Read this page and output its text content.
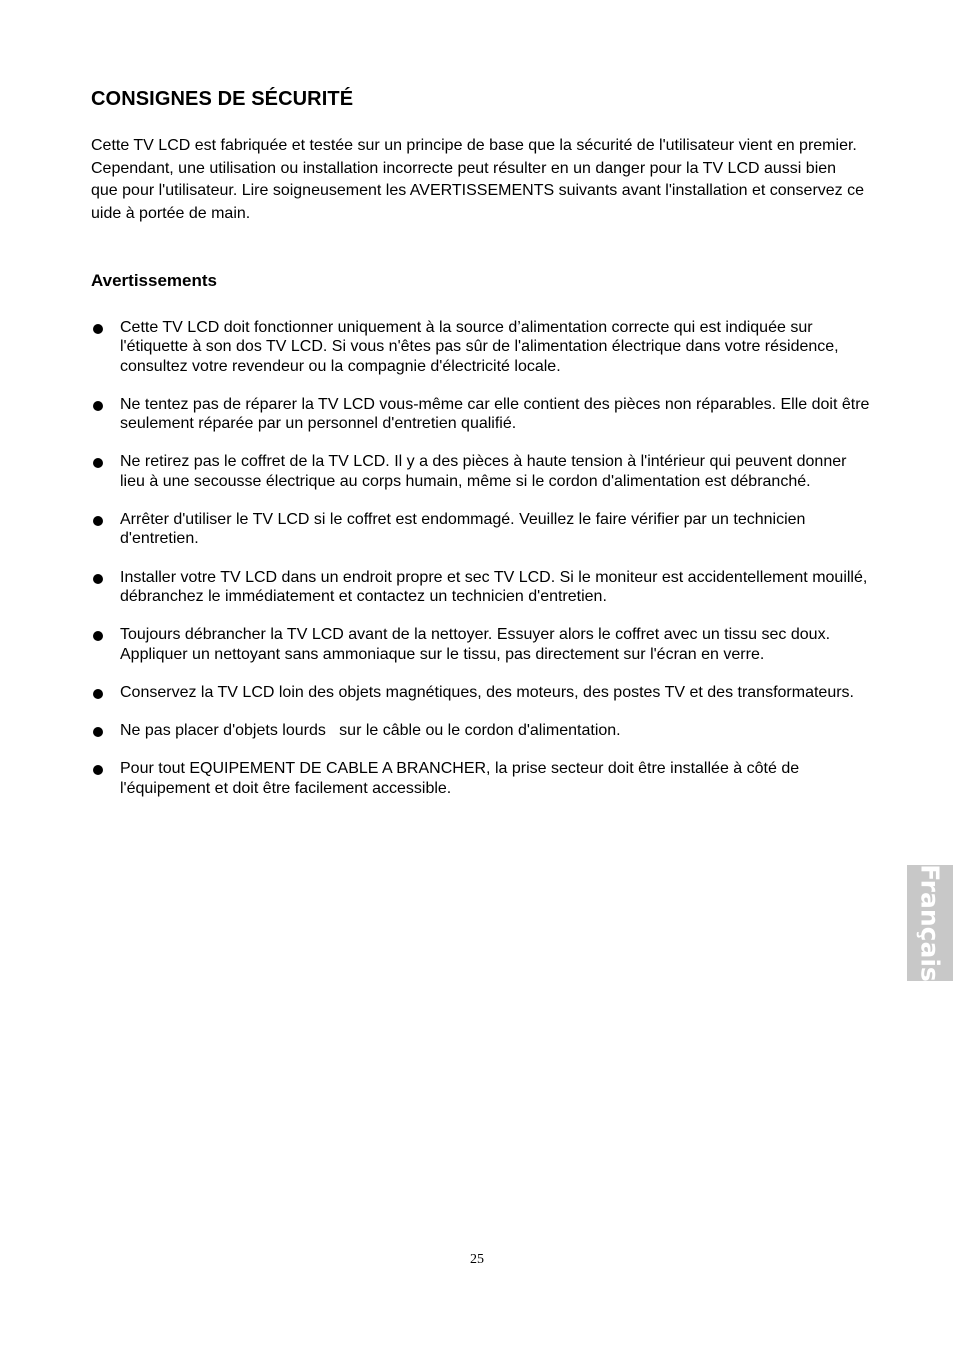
CONSIGNES DE SÉCURITÉ

Cette TV LCD est fabriquée et testée sur un principe de base que la sécurité de l'utilisateur vient en premier. Cependant, une utilisation ou installation incorrecte peut résulter en un danger pour la TV LCD aussi bien que pour l'utilisateur. Lire soigneusement les AVERTISSEMENTS suivants avant l'installation et conservez ce uide à portée de main.

Avertissements
Cette TV LCD doit fonctionner uniquement à la source d’alimentation correcte qui est indiquée sur l'étiquette à son dos TV LCD. Si vous n'êtes pas sûr de l'alimentation électrique dans votre résidence, consultez votre revendeur ou la compagnie d'électricité locale.
Ne tentez pas de réparer la TV LCD vous-même car elle contient des pièces non réparables. Elle doit être seulement réparée par un personnel d'entretien qualifié.
Ne retirez pas le coffret de la TV LCD. Il y a des pièces à haute tension à l'intérieur qui peuvent donner lieu à une secousse électrique au corps humain, même si le cordon d'alimentation est débranché.
Arrêter d'utiliser le TV LCD si le coffret est endommagé. Veuillez le faire vérifier par un technicien d'entretien.
Installer votre TV LCD dans un endroit propre et sec TV LCD. Si le moniteur est accidentellement mouillé, débranchez le immédiatement et contactez un technicien d'entretien.
Toujours débrancher la TV LCD avant de la nettoyer. Essuyer alors le coffret avec un tissu sec doux. Appliquer un nettoyant sans ammoniaque sur le tissu, pas directement sur l'écran en verre.
Conservez la TV LCD loin des objets magnétiques, des moteurs, des postes TV et des transformateurs.
Ne pas placer d'objets lourds   sur le câble ou le cordon d'alimentation.
Pour tout EQUIPEMENT DE CABLE A BRANCHER, la prise secteur doit être installée à côté de l'équipement et doit être facilement accessible.
Français
25
